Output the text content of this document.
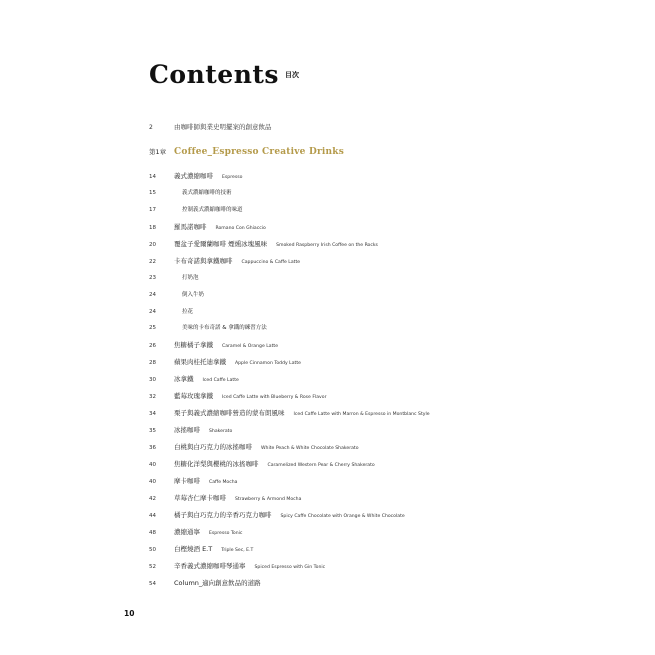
Contents $^{目次}$
2	由咖啡師與業史明擺案的創意飲品
第1章 Coffee_Espresso Creative Drinks
14	義式濃縮咖啡 Espresso
15	義式濃縮咖啡的技術
17	控制義式濃縮咖啡的味道
18	羅馬諾咖啡 Romano Con Ghiaccio
20	覆盆子愛爾蘭咖啡 煙燻冰塊風味 Smoked Raspberry Irish Coffee on the Rocks
22	卡布奇諾與拿鐵咖啡 Cappuccino & Caffe Latte
23	打奶泡
24	倒入牛奶
24	拉花
25	美味的卡布奇諾 & 拿鐵的練習方法
26	焦糖橘子拿鐵 Caramel & Orange Latte
28	蘋果肉桂托迪拿鐵 Apple Cinnamon Toddy Latte
30	冰拿鐵 Iced Caffe Latte
32	藍莓玫瑰拿鐵 Iced Caffe Latte with Blueberry & Rose Flavor
34	栗子與義式濃縮咖啡營造的蒙布朗風味 Iced Caffe Latte with Marron & Espresso in Montblanc Style
35	冰搖咖啡 Shakerato
36	白桃與白巧克力的冰搖咖啡 White Peach & White Chocolate Shakerato
40	焦糖化洋梨與櫻桃的冰搖咖啡 Caramelized Western Pear & Cherry Shakerato
40	摩卡咖啡 Caffe Mocha
42	草莓杏仁摩卡咖啡 Strawberry & Armond Mocha
44	橘子與白巧克力的辛香巧克力咖啡 Spicy Caffe Chocolate with Orange & White Chocolate
48	濃縮通寧 Espresso Tonic
50	白樫燒酒 E.T Triple Sec, E.T
52	辛香義式濃縮咖啡琴通寧 Spiced Espresso with Gin Tonic
54	Column_適向創意飲品的道路
10
